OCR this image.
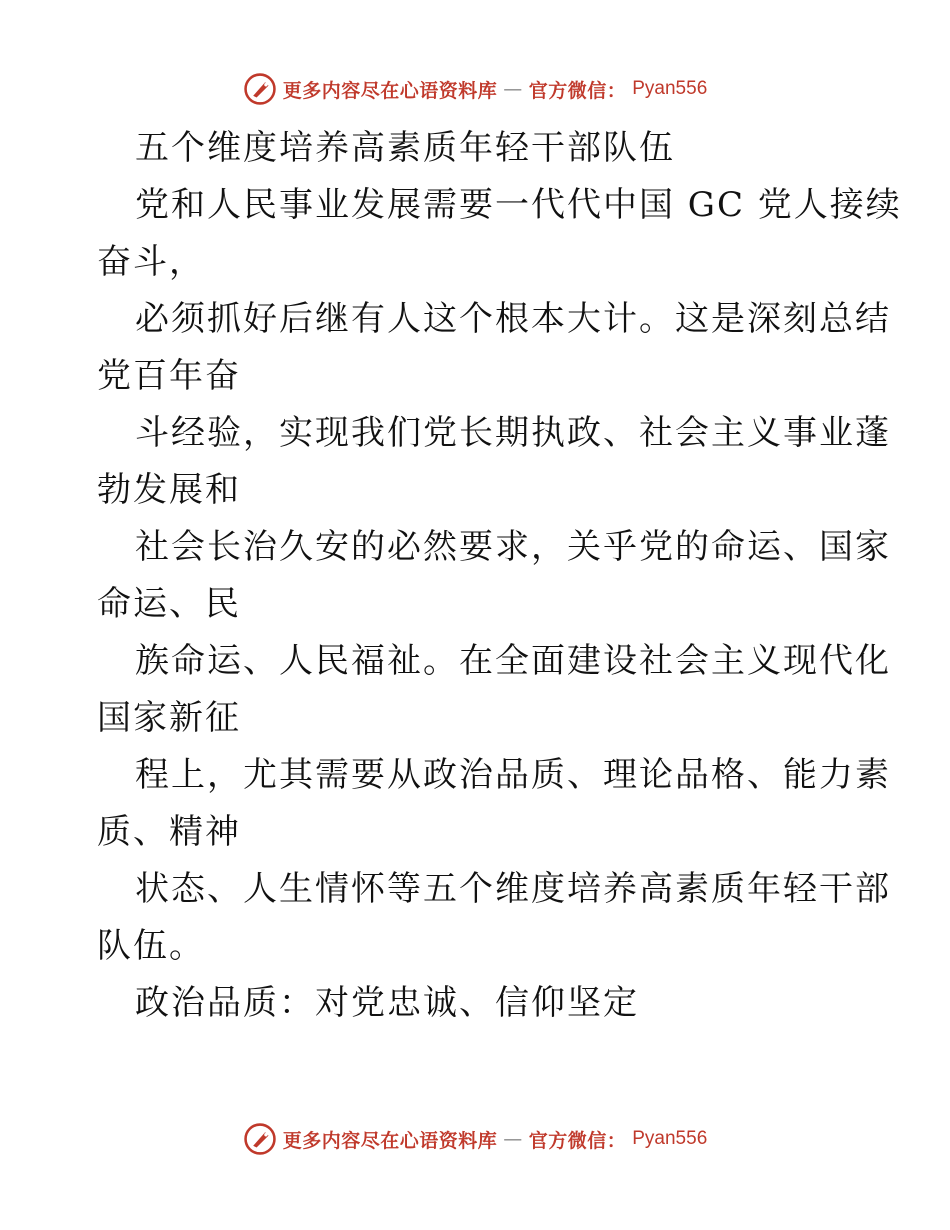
更多内容尽在心语资料库 — 官方微信： Pyan556
五个维度培养高素质年轻干部队伍
党和人民事业发展需要一代代中国 GC 党人接续
奋斗，
必须抓好后继有人这个根本大计。这是深刻总结
党百年奋
斗经验，实现我们党长期执政、社会主义事业蓬
勃发展和
社会长治久安的必然要求，关乎党的命运、国家
命运、民
族命运、人民福祉。在全面建设社会主义现代化
国家新征
程上，尤其需要从政治品质、理论品格、能力素
质、精神
状态、人生情怀等五个维度培养高素质年轻干部
队伍。
政治品质：对党忠诚、信仰坚定
更多内容尽在心语资料库 — 官方微信： Pyan556
